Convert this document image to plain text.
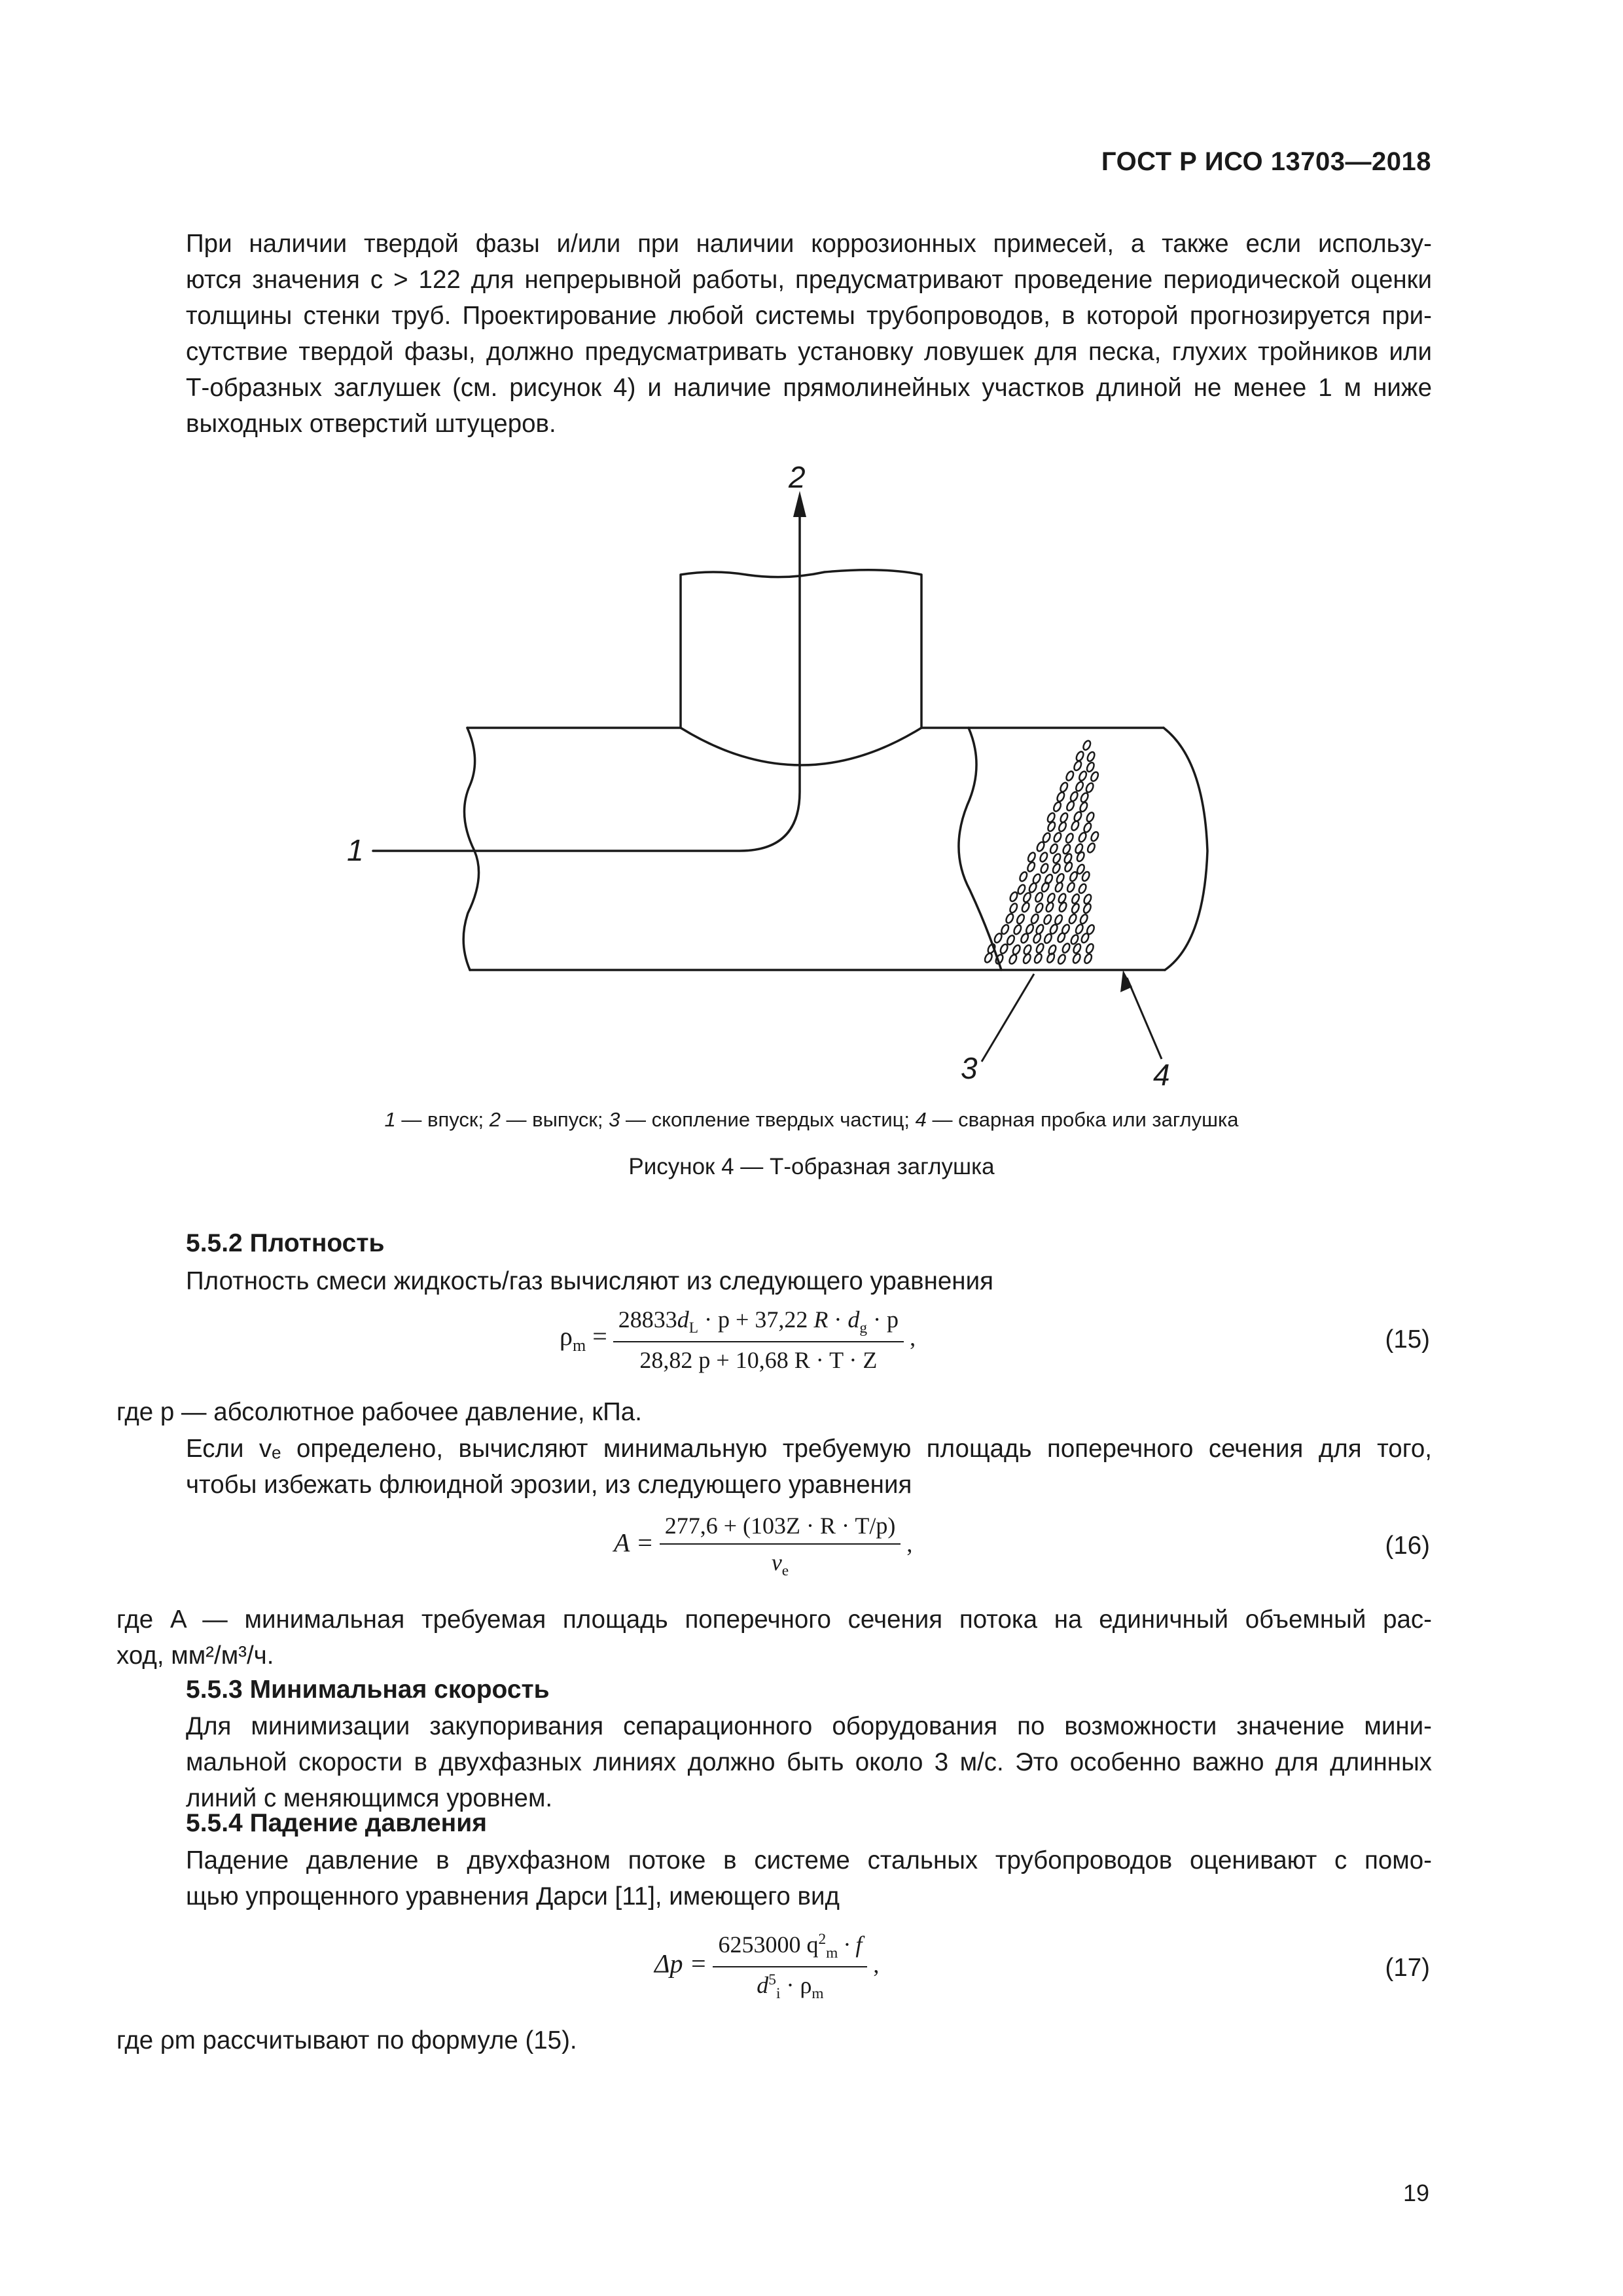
ГОСТ Р ИСО 13703—2018

При наличии твердой фазы и/или при наличии коррозионных примесей, а также если использу-
ются значения c > 122 для непрерывной работы, предусматривают проведение периодической оценки
толщины стенки труб. Проектирование любой системы трубопроводов, в которой прогнозируется при-
сутствие твердой фазы, должно предусматривать установку ловушек для песка, глухих тройников или
Т-образных заглушек (см. рисунок 4) и наличие прямолинейных участков длиной не менее 1 м ниже
выходных отверстий штуцеров.

1
2
3	4
1 — впуск; 2 — выпуск; 3 — скопление твердых частиц; 4 — сварная пробка или заглушка
Рисунок 4 — Т-образная заглушка
5.5.2 Плотность

Плотность смеси жидкость/газ вычисляют из следующего уравнения

$\rho_m = \frac{28833d_L \cdot p + 37,22 R \cdot d_g \cdot p}{28,82 p + 10,68 R \cdot T \cdot Z}$ ,	(15)
где p — абсолютное рабочее давление, кПа.

Если vₑ определено, вычисляют минимальную требуемую площадь поперечного сечения для того,
чтобы избежать флюидной эрозии, из следующего уравнения

$A = \frac{277,6 + (103Z \cdot R \cdot T/p)}{v_e}$ ,	(16)
где A — минимальная требуемая площадь поперечного сечения потока на единичный объемный рас-
ход, мм²/м³/ч.
5.5.3 Минимальная скорость

Для минимизации закупоривания сепарационного оборудования по возможности значение мини-
мальной скорости в двухфазных линиях должно быть около 3 м/с. Это особенно важно для длинных
линий с меняющимся уровнем.

5.5.4 Падение давления

Падение давление в двухфазном потоке в системе стальных трубопроводов оценивают с помо-
щью упрощенного уравнения Дарси [11], имеющего вид

$\Delta p = \frac{6253000 q^2_m \cdot f}{d^5_i \cdot \rho_m}$ ,	(17)
где ρm рассчитывают по формуле (15).
19
